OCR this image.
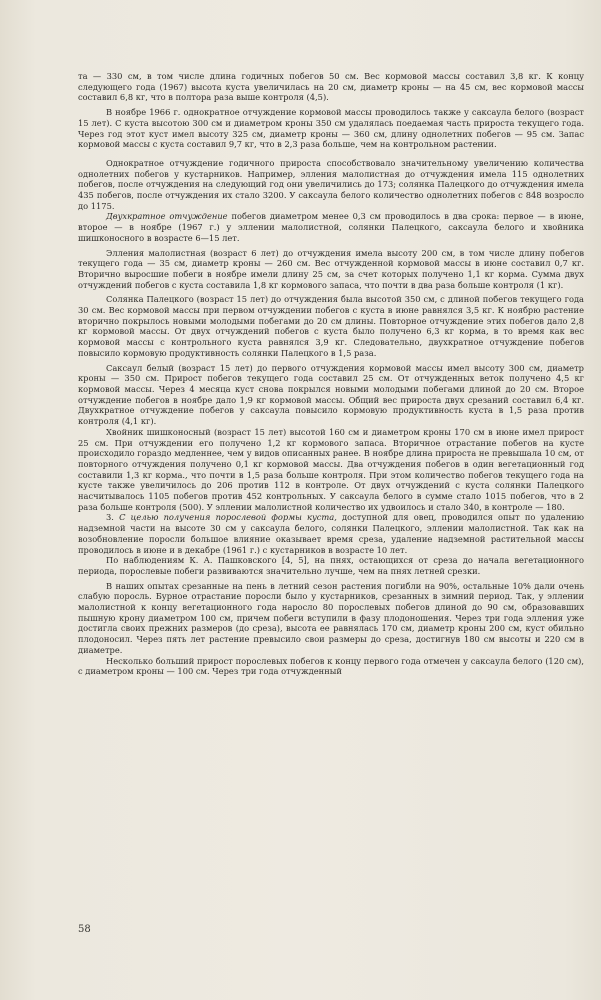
та — 330 см, в том числе длина годичных побегов 50 см. Вес кормовой массы составил 3,8 кг. К концу следующего года (1967) высота куста увеличилась на 20 см, диаметр кроны — на 45 см, вес кормовой массы составил 6,8 кг, что в полтора раза выше контроля (4,5).

В ноябре 1966 г. однократное отчуждение кормовой массы проводилось также у саксаула белого (возраст 15 лет). С куста высотою 300 см и диаметром кроны 350 см удалялась поедаемая часть прироста текущего года. Через год этот куст имел высоту 325 см, диаметр кроны — 360 см, длину однолетних побегов — 95 см. Запас кормовой массы с куста составил 9,7 кг, что в 2,3 раза больше, чем на контрольном растении.

Однократное отчуждение годичного прироста способствовало значительному увеличению количества однолетних побегов у кустарников. Например, элления малолистная до отчуждения имела 115 однолетних побегов, после отчуждения на следующий год они увеличились до 173; солянка Палецкого до отчуждения имела 435 побегов, после отчуждения их стало 3200. У саксаула белого количество однолетних побегов с 848 возросло до 1175.

Двухкратное отчуждение побегов диаметром менее 0,3 см проводилось в два срока: первое — в июне, второе — в ноябре (1967 г.) у эллении малолистной, солянки Палецкого, саксаула белого и хвойника шишконосного в возрасте 6—15 лет.

Элления малолистная (возраст 6 лет) до отчуждения имела высоту 200 см, в том числе длину побегов текущего года — 35 см, диаметр кроны — 260 см. Вес отчужденной кормовой массы в июне составил 0,7 кг. Вторично выросшие побеги в ноябре имели длину 25 см, за счет которых получено 1,1 кг корма. Сумма двух отчуждений побегов с куста составила 1,8 кг кормового запаса, что почти в два раза больше контроля (1 кг).

Солянка Палецкого (возраст 15 лет) до отчуждения была высотой 350 см, с длиной побегов текущего года 30 см. Вес кормовой массы при первом отчуждении побегов с куста в июне равнялся 3,5 кг. К ноябрю растение вторично покрылось новыми молодыми побегами до 20 см длины. Повторное отчуждение этих побегов дало 2,8 кг кормовой массы. От двух отчуждений побегов с куста было получено 6,3 кг корма, в то время как вес кормовой массы с контрольного куста равнялся 3,9 кг. Следовательно, двухкратное отчуждение побегов повысило кормовую продуктивность солянки Палецкого в 1,5 раза.

Саксаул белый (возраст 15 лет) до первого отчуждения кормовой массы имел высоту 300 см, диаметр кроны — 350 см. Прирост побегов текущего года составил 25 см. От отчужденных веток получено 4,5 кг кормовой массы. Через 4 месяца куст снова покрылся новыми молодыми побегами длиной до 20 см. Второе отчуждение побегов в ноябре дало 1,9 кг кормовой массы. Общий вес прироста двух срезаний составил 6,4 кг. Двухкратное отчуждение побегов у саксаула повысило кормовую продуктивность куста в 1,5 раза против контроля (4,1 кг).

Хвойник шишконосный (возраст 15 лет) высотой 160 см и диаметром кроны 170 см в июне имел прирост 25 см. При отчуждении его получено 1,2 кг кормового запаса. Вторичное отрастание побегов на кусте происходило гораздо медленнее, чем у видов описанных ранее. В ноябре длина прироста не превышала 10 см, от повторного отчуждения получено 0,1 кг кормовой массы. Два отчуждения побегов в один вегетационный год составили 1,3 кг корма., что почти в 1,5 раза больше контроля. При этом количество побегов текущего года на кусте также увеличилось до 206 против 112 в контроле. От двух отчуждений с куста солянки Палецкого насчитывалось 1105 побегов против 452 контрольных. У саксаула белого в сумме стало 1015 побегов, что в 2 раза больше контроля (500). У эллении малолистной количество их удвоилось и стало 340, в контроле — 180.

3. С целью получения порослевой формы куста, доступной для овец, проводился опыт по удалению надземной части на высоте 30 см у саксаула белого, солянки Палецкого, эллении малолистной. Так как на возобновление поросли большое влияние оказывает время среза, удаление надземной растительной массы проводилось в июне и в декабре (1961 г.) с кустарников в возрасте 10 лет.

По наблюдениям К. А. Пашковского [4, 5], на пнях, остающихся от среза до начала вегетационного периода, порослевые побеги развиваются значительно лучше, чем на пнях летней срезки.

В наших опытах срезанные на пень в летний сезон растения погибли на 90%, остальные 10% дали очень слабую поросль. Бурное отрастание поросли было у кустарников, срезанных в зимний период. Так, у эллении малолистной к концу вегетационного года наросло 80 порослевых побегов длиной до 90 см, образовавших пышную крону диаметром 100 см, причем побеги вступили в фазу плодоношения. Через три года элления уже достигла своих прежних размеров (до среза), высота ее равнялась 170 см, диаметр кроны 200 см, куст обильно плодоносил. Через пять лет растение превысило свои размеры до среза, достигнув 180 см высоты и 220 см в диаметре.

Несколько больший прирост порослевых побегов к концу первого года отмечен у саксаула белого (120 см), с диаметром кроны — 100 см. Через три года отчужденный

58
